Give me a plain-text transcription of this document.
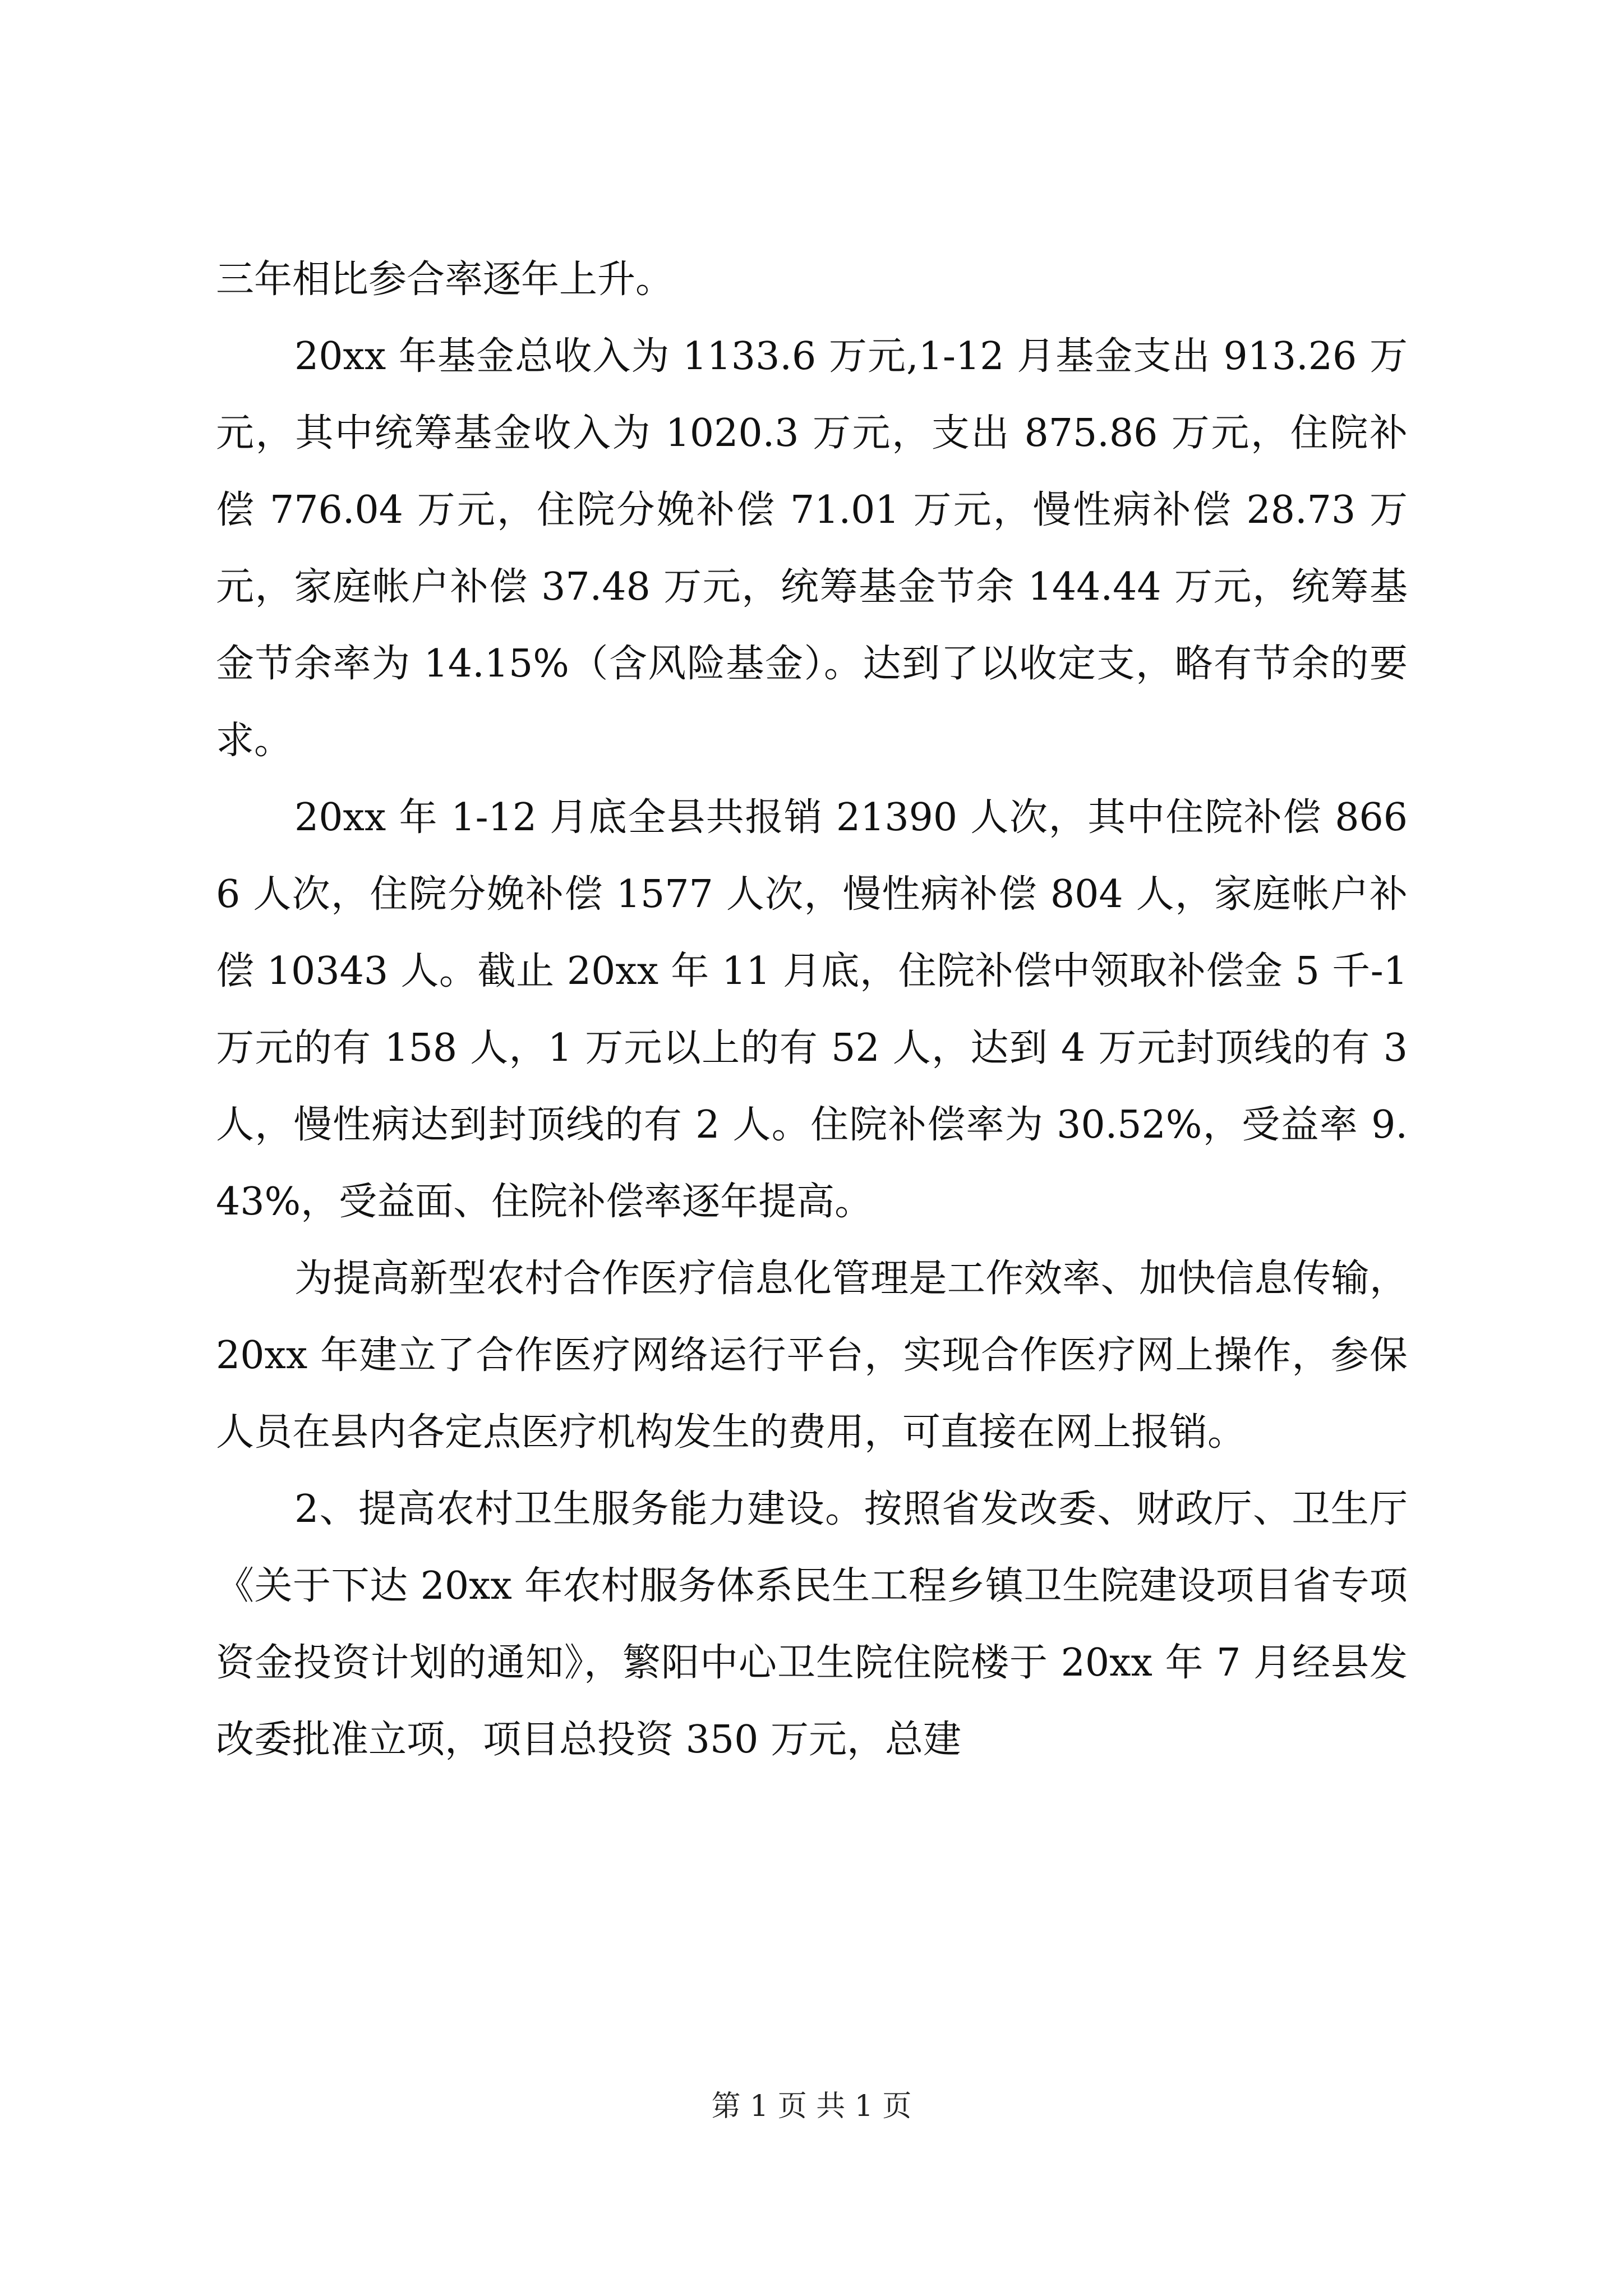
三年相比参合率逐年上升。

20xx 年基金总收入为 1133.6 万元,1-12 月基金支出 913.26 万元，其中统筹基金收入为 1020.3 万元，支出 875.86 万元，住院补偿 776.04 万元，住院分娩补偿 71.01 万元，慢性病补偿 28.73 万元，家庭帐户补偿 37.48 万元，统筹基金节余 144.44 万元，统筹基金节余率为 14.15%（含风险基金）。达到了以收定支，略有节余的要求。

20xx 年 1-12 月底全县共报销 21390 人次，其中住院补偿 8666 人次，住院分娩补偿 1577 人次，慢性病补偿 804 人，家庭帐户补偿 10343 人。截止 20xx 年 11 月底，住院补偿中领取补偿金 5 千-1 万元的有 158 人，1 万元以上的有 52 人，达到 4 万元封顶线的有 3 人，慢性病达到封顶线的有 2 人。住院补偿率为 30.52%，受益率 9.43%，受益面、住院补偿率逐年提高。

为提高新型农村合作医疗信息化管理是工作效率、加快信息传输，20xx 年建立了合作医疗网络运行平台，实现合作医疗网上操作，参保人员在县内各定点医疗机构发生的费用，可直接在网上报销。

2、提高农村卫生服务能力建设。按照省发改委、财政厅、卫生厅《关于下达 20xx 年农村服务体系民生工程乡镇卫生院建设项目省专项资金投资计划的通知》，繁阳中心卫生院住院楼于 20xx 年 7 月经县发改委批准立项，项目总投资 350 万元，总建

第 1 页 共 1 页
